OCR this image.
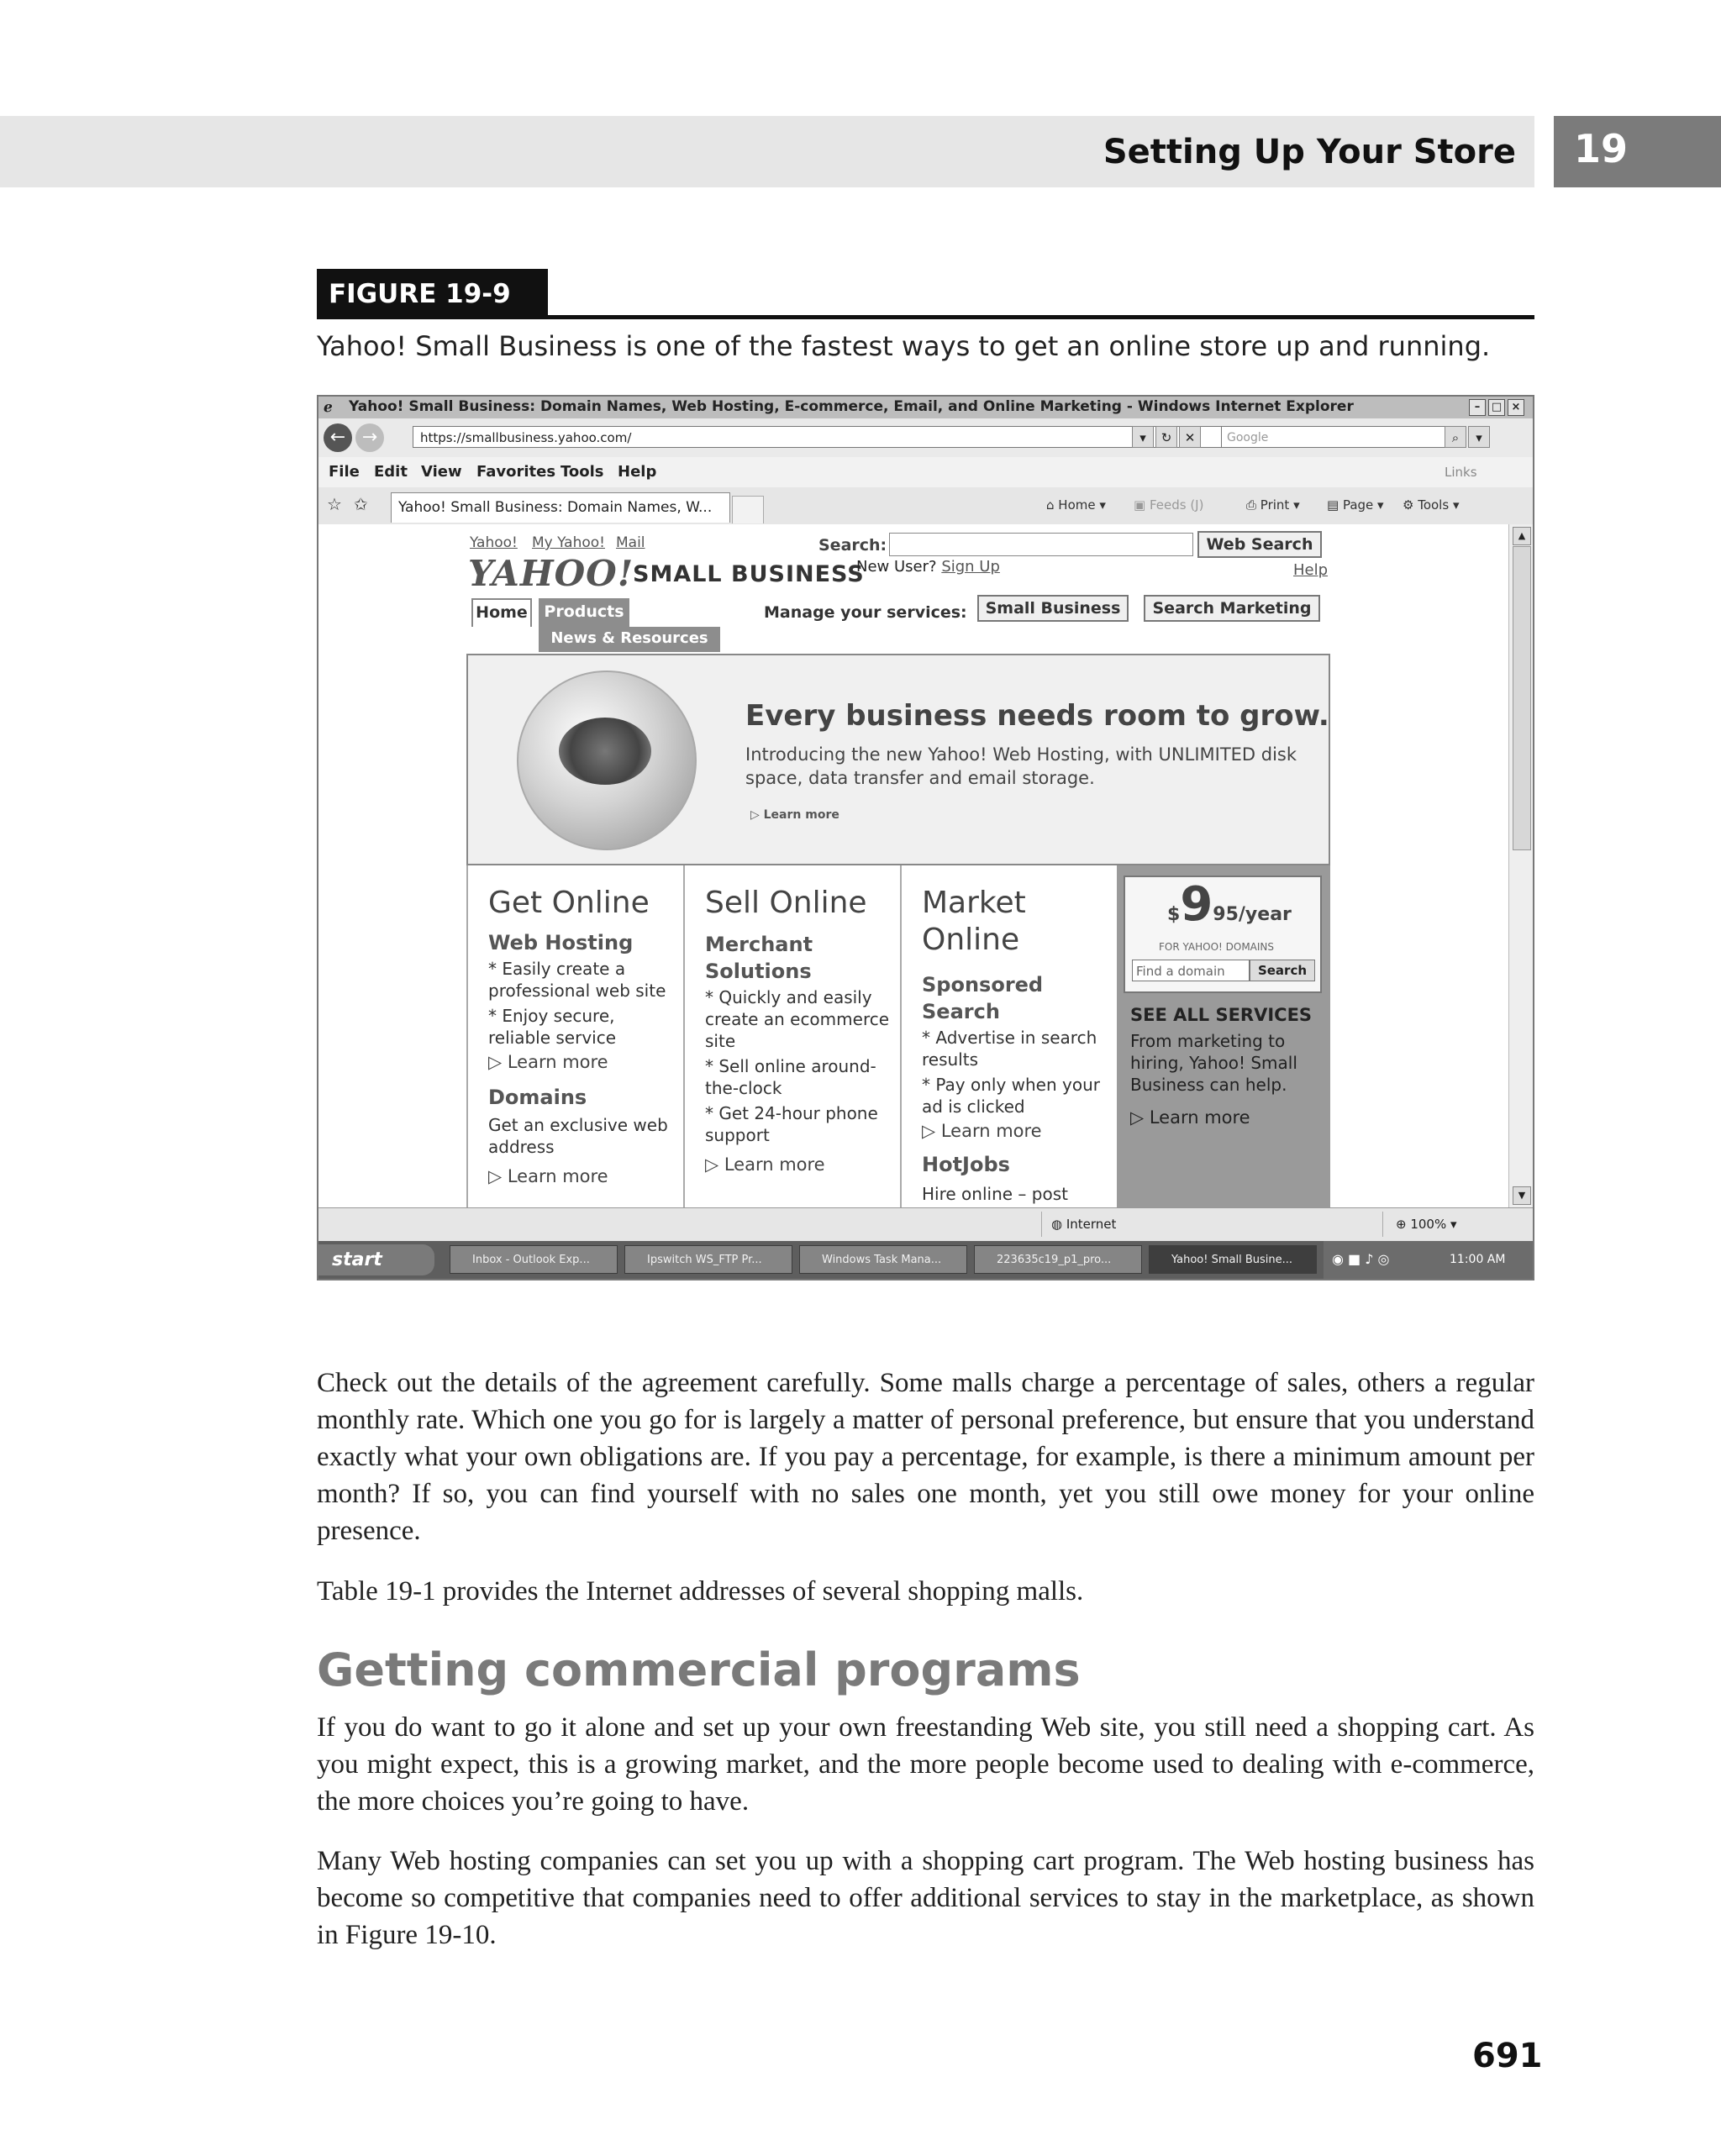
Setting Up Your Store 19
FIGURE 19-9
Yahoo! Small Business is one of the fastest ways to get an online store up and running.
ℯ Yahoo! Small Business: Domain Names, Web Hosting, E-commerce, Email, and Online Marketing - Windows Internet Explorer	–	□ ×
← →	https://smallbusiness.yahoo.com/	▾	↻	✕	Google	⌕	▾
File Edit View Favorites Tools Help	Links
☆ ✩	Yahoo! Small Business: Domain Names, W...	⌂ Home ▾ ▣ Feeds (J)	⎙ Print ▾ ▤ Page ▾ ⚙ Tools ▾
Yahoo! My Yahoo! Mail	Search:	Web Search
YAHOO!
SMALL BUSINESS
New User? Sign Up	Help
Manage your services:	Small Business	Search Marketing
Home	Products
News & Resources
Every business needs room to grow.
Introducing the new Yahoo! Web Hosting, with UNLIMITED disk space, data transfer and email storage.
▷ Learn more
Get Online
Web Hosting
* Easily create a professional web site
* Enjoy secure, reliable service
▷ Learn more
Domains
Get an exclusive web address
▷ Learn more
Sell Online
Merchant Solutions
* Quickly and easily create an ecommerce site
* Sell online around-the-clock
* Get 24-hour phone support
▷ Learn more
Market
Online
Sponsored Search
* Advertise in search results
* Pay only when your ad is clicked
▷ Learn more
HotJobs
Hire online – post
$995/year
FOR YAHOO! DOMAINS
Find a domain	Search
SEE ALL SERVICES
From marketing to hiring, Yahoo! Small Business can help.
▷ Learn more
▲
▼
◍ Internet	⊕ 100% ▾
start	Inbox - Outlook Exp...	Ipswitch WS_FTP Pr...	Windows Task Mana...	223635c19_p1_pro...	Yahoo! Small Busine...	◉ ■ ♪ ◎	11:00 AM
Check out the details of the agreement carefully. Some malls charge a percentage of sales, others a regular monthly rate. Which one you go for is largely a matter of personal preference, but ensure that you understand exactly what your own obligations are. If you pay a percentage, for example, is there a minimum amount per month? If so, you can find yourself with no sales one month, yet you still owe money for your online presence.
Table 19-1 provides the Internet addresses of several shopping malls.
Getting commercial programs
If you do want to go it alone and set up your own freestanding Web site, you still need a shopping cart. As you might expect, this is a growing market, and the more people become used to dealing with e-commerce, the more choices you’re going to have.
Many Web hosting companies can set you up with a shopping cart program. The Web hosting business has become so competitive that companies need to offer additional services to stay in the marketplace, as shown in Figure 19-10.
691
